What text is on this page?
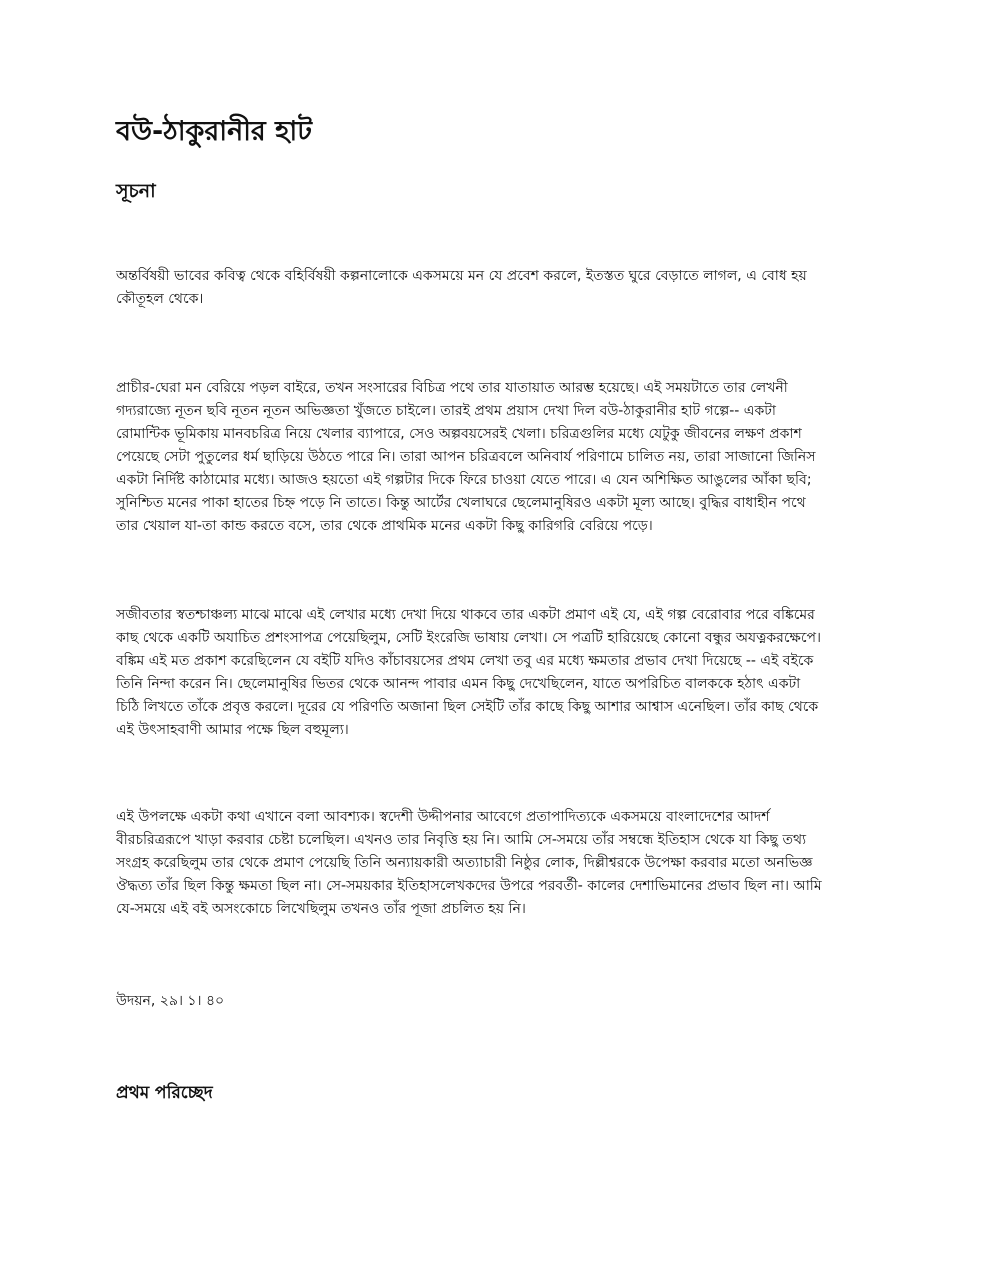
বউ-ঠাকুরানীর হাট
সূচনা

অন্তর্বিষয়ী ভাবের কবিত্ব থেকে বহির্বিষয়ী কল্পনালোকে একসময়ে মন যে প্রবেশ করলে, ইতস্তত ঘুরে বেড়াতে লাগল, এ বোধ হয়
কৌতূহল থেকে।

প্রাচীর-ঘেরা মন বেরিয়ে পড়ল বাইরে, তখন সংসারের বিচিত্র পথে তার যাতায়াত আরম্ভ হয়েছে। এই সময়টাতে তার লেখনী
গদ্যরাজ্যে নূতন ছবি নূতন নূতন অভিজ্ঞতা খুঁজতে চাইলে। তারই প্রথম প্রয়াস দেখা দিল বউ-ঠাকুরানীর হাট গল্পে-- একটা
রোমান্টিক ভূমিকায় মানবচরিত্র নিয়ে খেলার ব্যাপারে, সেও অল্পবয়সেরই খেলা। চরিত্রগুলির মধ্যে যেটুকু জীবনের লক্ষণ প্রকাশ
পেয়েছে সেটা পুতুলের ধর্ম ছাড়িয়ে উঠতে পারে নি। তারা আপন চরিত্রবলে অনিবার্য পরিণামে চালিত নয়, তারা সাজানো জিনিস
একটা নির্দিষ্ট কাঠামোর মধ্যে। আজও হয়তো এই গল্পটার দিকে ফিরে চাওয়া যেতে পারে। এ যেন অশিক্ষিত আঙুলের আঁকা ছবি;
সুনিশ্চিত মনের পাকা হাতের চিহ্ন পড়ে নি তাতে। কিন্তু আর্টের খেলাঘরে ছেলেমানুষিরও একটা মূল্য আছে। বুদ্ধির বাধাহীন পথে
তার খেয়াল যা-তা কান্ড করতে বসে, তার থেকে প্রাথমিক মনের একটা কিছু কারিগরি বেরিয়ে পড়ে।

সজীবতার স্বতশ্চাঞ্চল্য মাঝে মাঝে এই লেখার মধ্যে দেখা দিয়ে থাকবে তার একটা প্রমাণ এই যে, এই গল্প বেরোবার পরে বঙ্কিমের
কাছ থেকে একটি অযাচিত প্রশংসাপত্র পেয়েছিলুম, সেটি ইংরেজি ভাষায় লেখা। সে পত্রটি হারিয়েছে কোনো বন্ধুর অযত্নকরক্ষেপে।
বঙ্কিম এই মত প্রকাশ করেছিলেন যে বইটি যদিও কাঁচাবয়সের প্রথম লেখা তবু এর মধ্যে ক্ষমতার প্রভাব দেখা দিয়েছে -- এই বইকে
তিনি নিন্দা করেন নি। ছেলেমানুষির ভিতর থেকে আনন্দ পাবার এমন কিছু দেখেছিলেন, যাতে অপরিচিত বালককে হঠাৎ একটা
চিঠি লিখতে তাঁকে প্রবৃত্ত করলে। দূরের যে পরিণতি অজানা ছিল সেইটি তাঁর কাছে কিছু আশার আশ্বাস এনেছিল। তাঁর কাছ থেকে
এই উৎসাহবাণী আমার পক্ষে ছিল বহুমূল্য।

এই উপলক্ষে একটা কথা এখানে বলা আবশ্যক। স্বদেশী উদ্দীপনার আবেগে প্রতাপাদিত্যকে একসময়ে বাংলাদেশের আদর্শ
বীরচরিত্ররূপে খাড়া করবার চেষ্টা চলেছিল। এখনও তার নিবৃত্তি হয় নি। আমি সে-সময়ে তাঁর সম্বন্ধে ইতিহাস থেকে যা কিছু তথ্য
সংগ্রহ করেছিলুম তার থেকে প্রমাণ পেয়েছি তিনি অন্যায়কারী অত্যাচারী নিষ্ঠুর লোক, দিল্লীশ্বরকে উপেক্ষা করবার মতো অনভিজ্ঞ
ঔদ্ধত্য তাঁর ছিল কিন্তু ক্ষমতা ছিল না। সে-সময়কার ইতিহাসলেখকদের উপরে পরবর্তী- কালের দেশাভিমানের প্রভাব ছিল না। আমি
যে-সময়ে এই বই অসংকোচে লিখেছিলুম তখনও তাঁর পূজা প্রচলিত হয় নি।

উদয়ন, ২৯। ১। ৪০

প্রথম পরিচ্ছেদ
